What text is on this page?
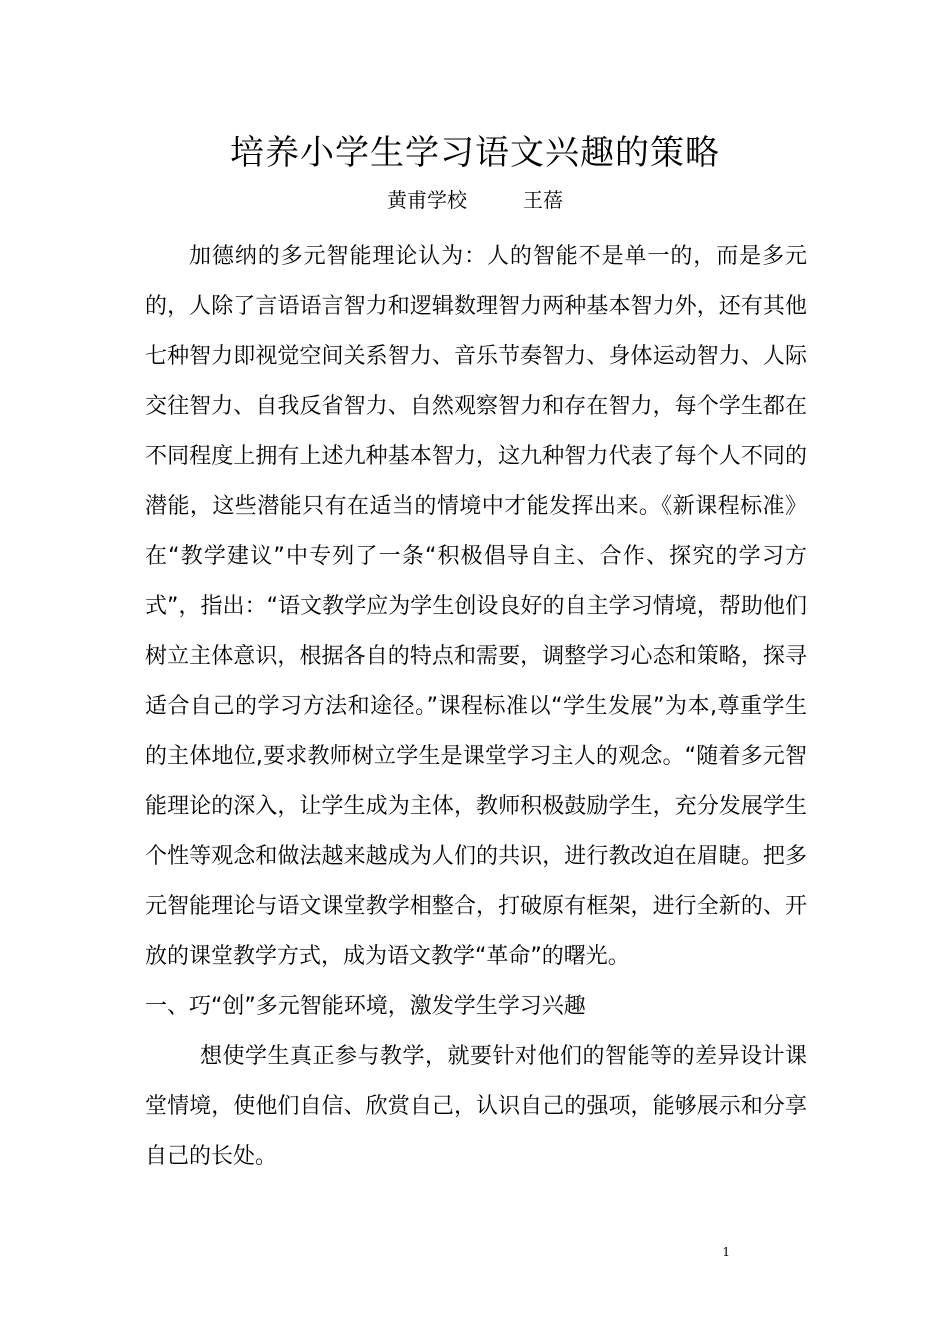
培养小学生学习语文兴趣的策略
黄甫学校	王蓓

加德纳的多元智能理论认为：人的智能不是单一的，而是多元的，人除了言语语言智力和逻辑数理智力两种基本智力外，还有其他七种智力即视觉空间关系智力、音乐节奏智力、身体运动智力、人际交往智力、自我反省智力、自然观察智力和存在智力，每个学生都在不同程度上拥有上述九种基本智力，这九种智力代表了每个人不同的潜能，这些潜能只有在适当的情境中才能发挥出来。《新课程标准》在“教学建议”中专列了一条“积极倡导自主、合作、探究的学习方式”，指出：“语文教学应为学生创设良好的自主学习情境，帮助他们树立主体意识，根据各自的特点和需要，调整学习心态和策略，探寻适合自己的学习方法和途径。”课程标准以“学生发展”为本,尊重学生的主体地位,要求教师树立学生是课堂学习主人的观念。“随着多元智能理论的深入，让学生成为主体，教师积极鼓励学生，充分发展学生个性等观念和做法越来越成为人们的共识，进行教改迫在眉睫。把多元智能理论与语文课堂教学相整合，打破原有框架，进行全新的、开放的课堂教学方式，成为语文教学“革命”的曙光。

一、巧“创”多元智能环境，激发学生学习兴趣

想使学生真正参与教学，就要针对他们的智能等的差异设计课堂情境，使他们自信、欣赏自己，认识自己的强项，能够展示和分享自己的长处。

1
